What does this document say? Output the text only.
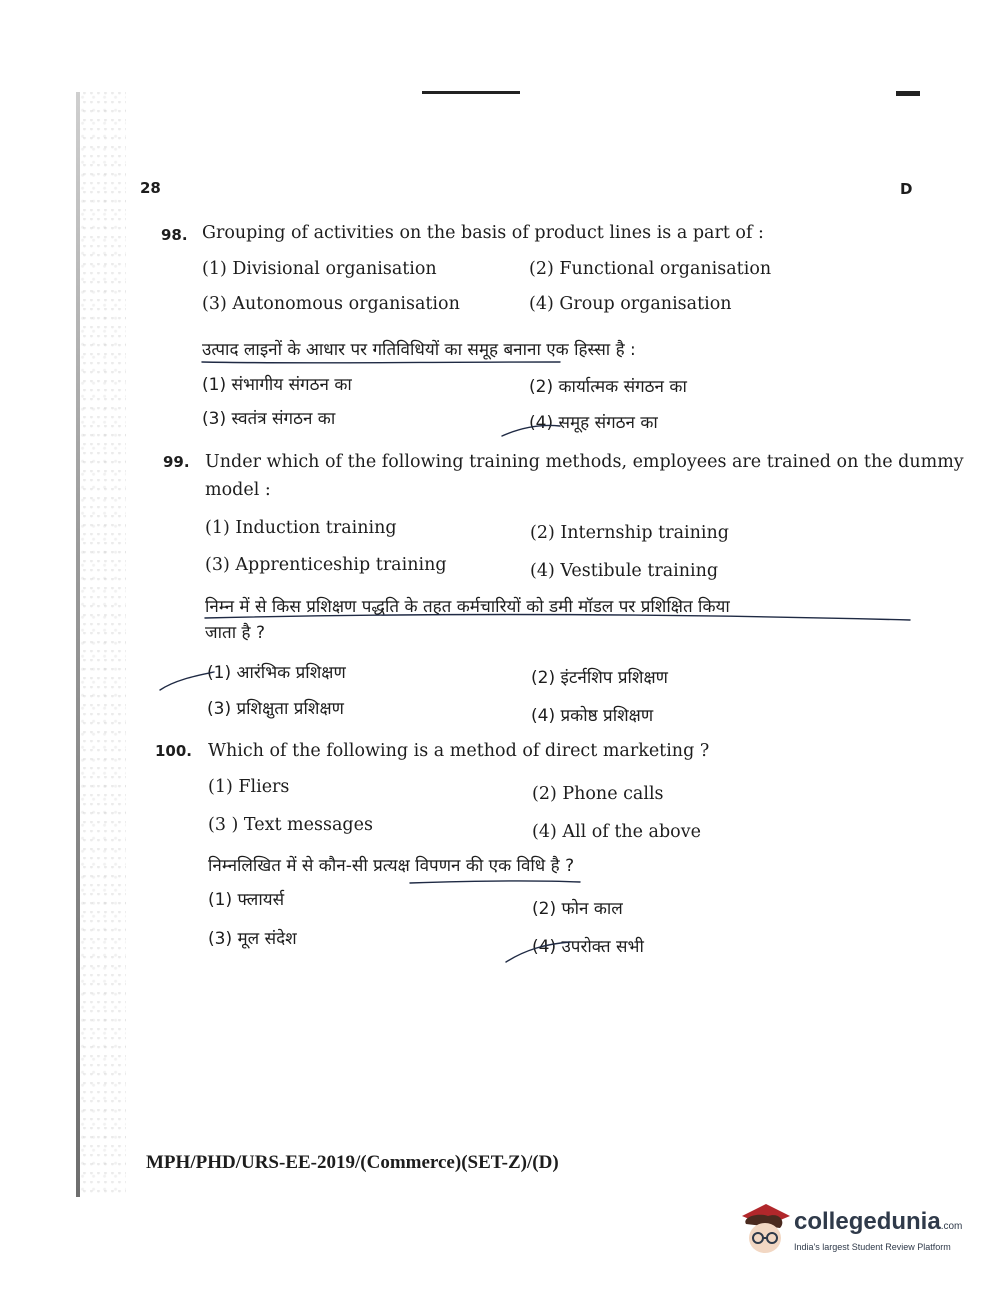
28	D
98. Grouping of activities on the basis of product lines is a part of :
(1) Divisional organisation	(2) Functional organisation
(3) Autonomous organisation	(4) Group organisation
उत्पाद लाइनों के आधार पर गतिविधियों का समूह बनाना एक हिस्सा है :
(1) संभागीय संगठन का	(2) कार्यात्मक संगठन का
(3) स्वतंत्र संगठन का	(4) समूह संगठन का
99. Under which of the following training methods, employees are trained on the dummy
model :
(1) Induction training	(2) Internship training
(3) Apprenticeship training	(4) Vestibule training
निम्न में से किस प्रशिक्षण पद्धति के तहत कर्मचारियों को डमी मॉडल पर प्रशिक्षित किया
जाता है ?
(1) आरंभिक प्रशिक्षण	(2) इंटर्नशिप प्रशिक्षण
(3) प्रशिक्षुता प्रशिक्षण	(4) प्रकोष्ठ प्रशिक्षण
100. Which of the following is a method of direct marketing ?
(1) Fliers	(2) Phone calls
(3 ) Text messages	(4) All of the above
निम्नलिखित में से कौन-सी प्रत्यक्ष विपणन की एक विधि है ?
(1) फ्लायर्स	(2) फोन काल
(3) मूल संदेश	(4) उपरोक्त सभी
MPH/PHD/URS-EE-2019/(Commerce)(SET-Z)/(D)
collegedunia.com
India's largest Student Review Platform
